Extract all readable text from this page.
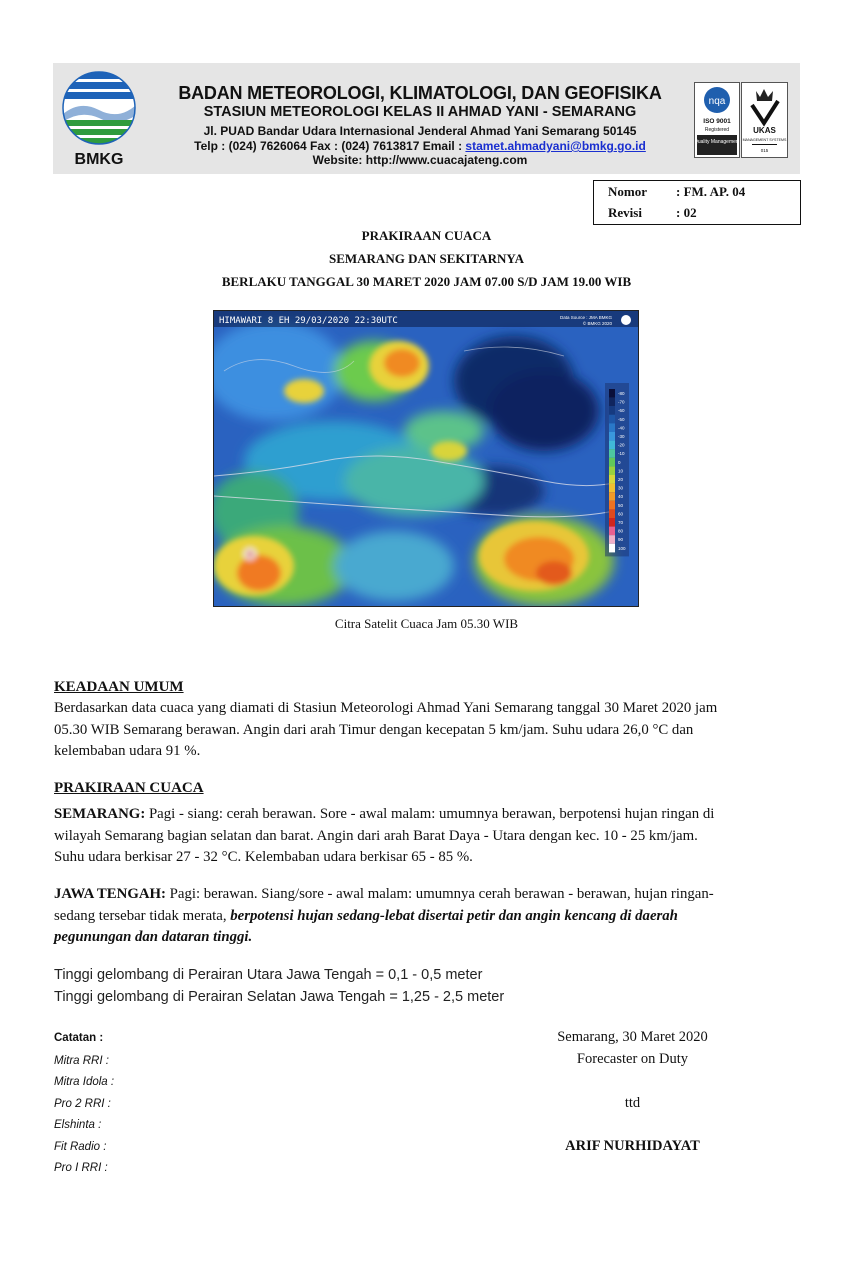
BMKG
BADAN METEOROLOGI, KLIMATOLOGI, DAN GEOFISIKA
STASIUN METEOROLOGI KELAS II AHMAD YANI - SEMARANG
Jl. PUAD Bandar Udara Internasional Jenderal Ahmad Yani Semarang 50145
Telp : (024) 7626064 Fax : (024) 7613817 Email : stamet.ahmadyani@bmkg.go.id
Website: http://www.cuacajateng.com
nqa
ISO 9001
Registered
Quality Management
UKAS
MANAGEMENT SYSTEMS
015
Nomor : FM. AP. 04
Revisi	: 02
PRAKIRAAN CUACA
SEMARANG DAN SEKITARNYA
BERLAKU TANGGAL 30 MARET 2020 JAM 07.00 S/D JAM 19.00 WIB
HIMAWARI 8 EH 29/03/2020 22:30UTC	Data Source : JMA BMKG
© BMKG 2020
-80
-70
-60
-50
-40
-30
-20
-10
0
10
20
30
40
50
60
70
80
90
100
Citra Satelit Cuaca Jam 05.30 WIB
KEADAAN UMUM
Berdasarkan data cuaca yang diamati di Stasiun Meteorologi Ahmad Yani Semarang tanggal 30 Maret 2020 jam
05.30 WIB Semarang berawan. Angin dari arah Timur dengan kecepatan 5 km/jam. Suhu udara 26,0 °C dan
kelembaban udara 91 %.
PRAKIRAAN CUACA
SEMARANG: Pagi - siang: cerah berawan. Sore - awal malam: umumnya berawan, berpotensi hujan ringan di
wilayah Semarang bagian selatan dan barat. Angin dari arah Barat Daya - Utara dengan kec. 10 - 25 km/jam.
Suhu udara berkisar 27 - 32 °C. Kelembaban udara berkisar 65 - 85 %.
JAWA TENGAH: Pagi: berawan. Siang/sore - awal malam: umumnya cerah berawan - berawan, hujan ringan-
sedang tersebar tidak merata, berpotensi hujan sedang-lebat disertai petir dan angin kencang di daerah
pegunungan dan dataran tinggi.
Tinggi gelombang di Perairan Utara Jawa Tengah = 0,1 - 0,5 meter
Tinggi gelombang di Perairan Selatan Jawa Tengah = 1,25 - 2,5 meter
Catatan :
Mitra RRI :
Mitra Idola :
Pro 2 RRI :
Elshinta :
Fit Radio :
Pro I RRI :
Semarang, 30 Maret 2020
Forecaster on Duty
ttd
ARIF NURHIDAYAT
